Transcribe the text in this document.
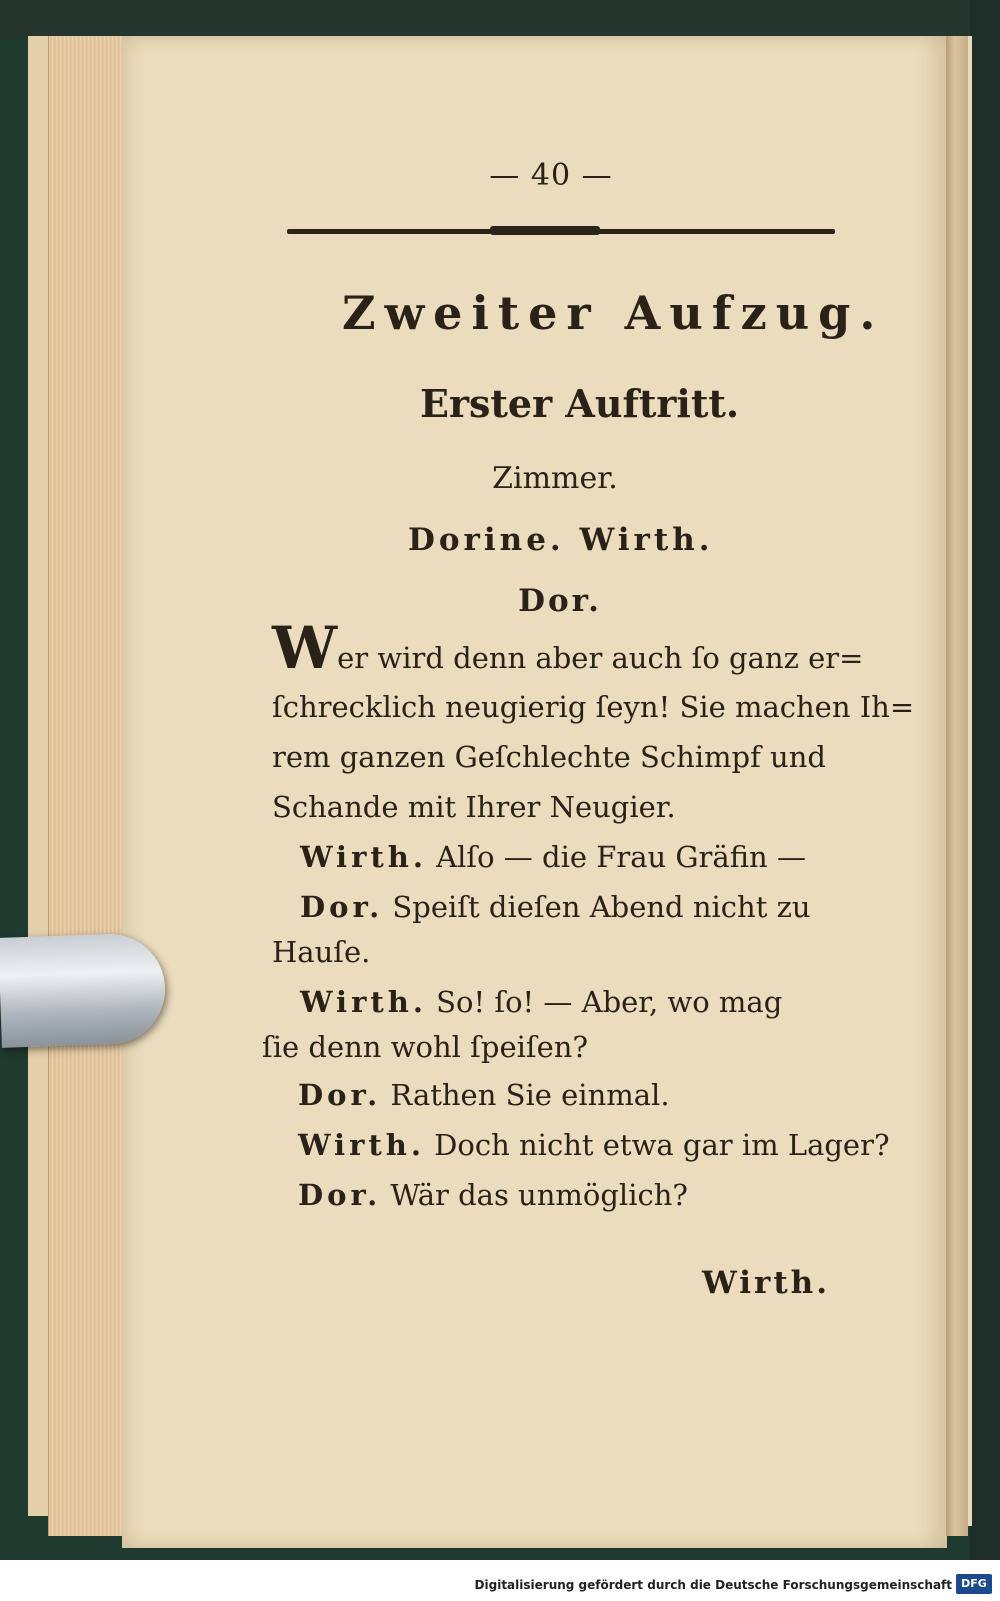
— 40 —
Zweiter Aufzug.
Erster Auftritt.
Zimmer.
Dorine. Wirth.
Dor.
Wer wird denn aber auch ſo ganz er=
ſchrecklich neugierig ſeyn! Sie machen Ih=
rem ganzen Geſchlechte Schimpf und
Schande mit Ihrer Neugier.
Wirth. Alſo — die Frau Gräfin —
Dor. Speiſt dieſen Abend nicht zu
Hauſe.
Wirth. So! ſo! — Aber, wo mag
ſie denn wohl ſpeiſen?
Dor. Rathen Sie einmal.
Wirth. Doch nicht etwa gar im Lager?
Dor. Wär das unmöglich?
Wirth.
Digitalisierung gefördert durch die Deutsche Forschungsgemeinschaft DFG
